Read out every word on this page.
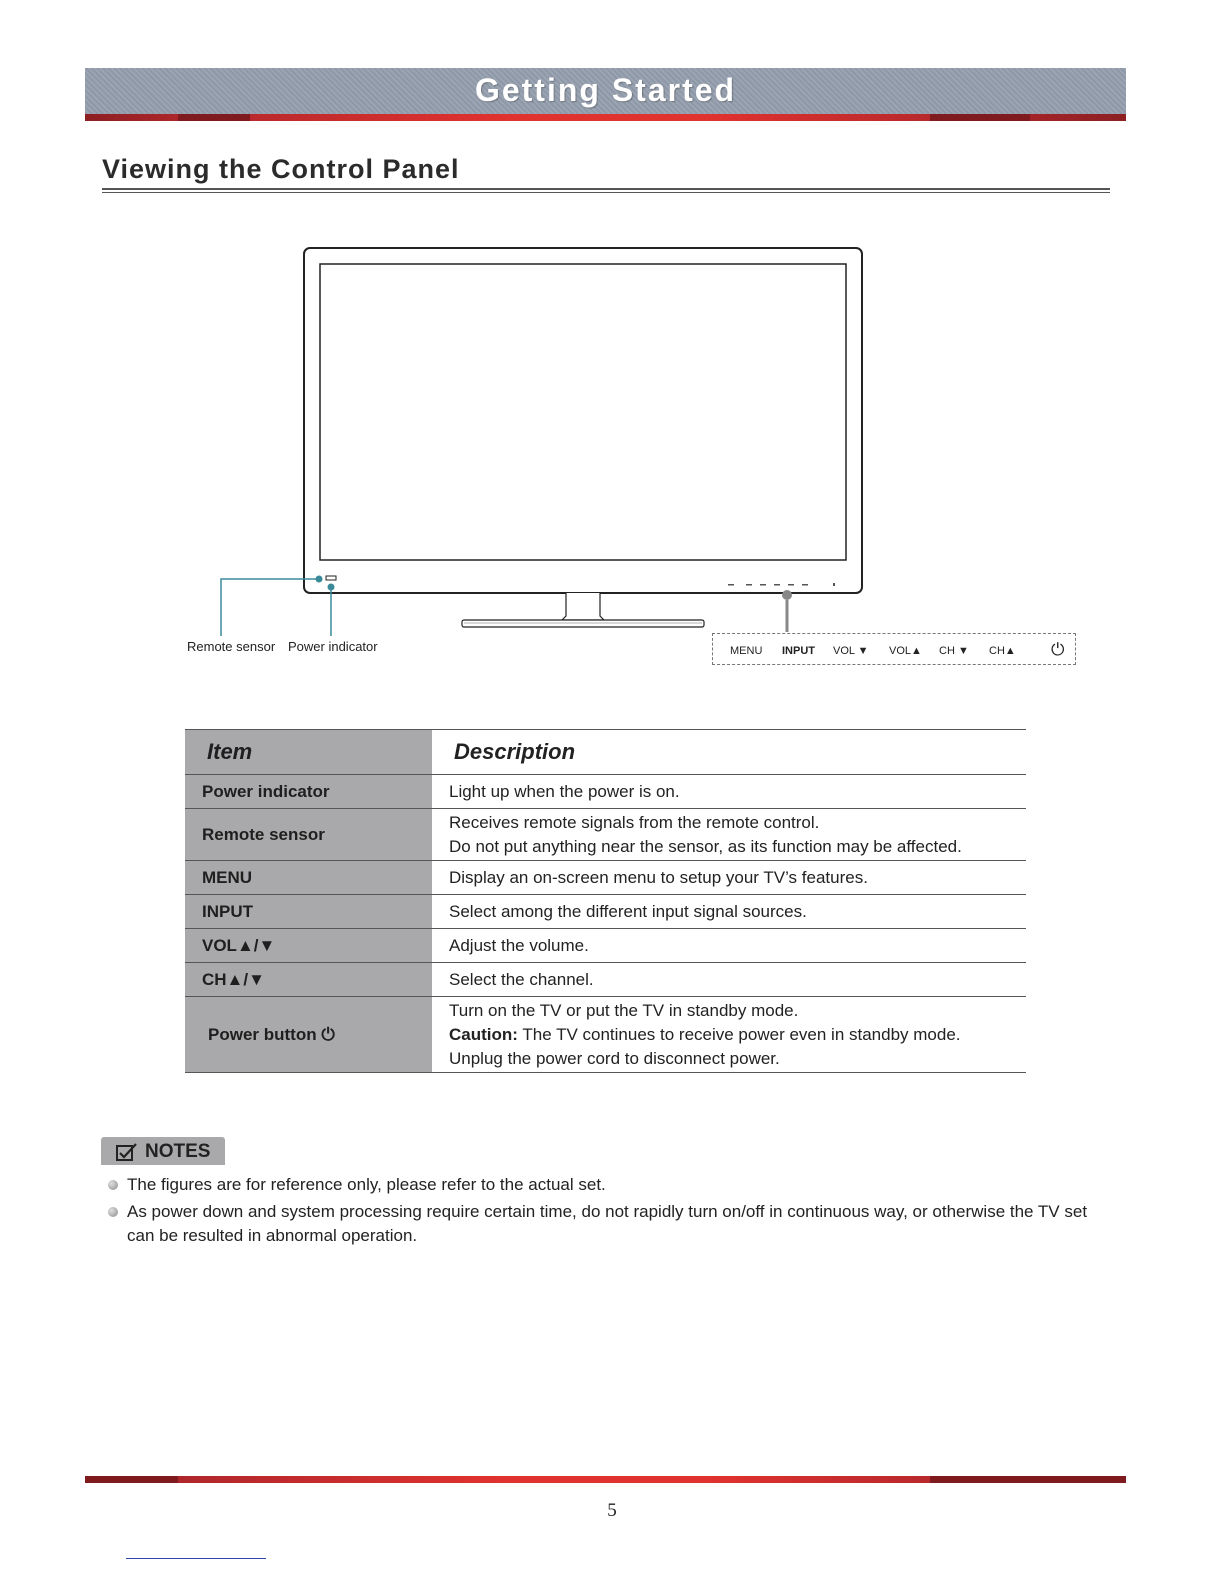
Getting Started
Viewing the Control Panel
Remote sensor Power indicator	MENU INPUT VOL ▼ VOL▲ CH ▼ CH▲ ⏻
Item	Description
Power indicator	Light up when the power is on.
Remote sensor	Receives remote signals from the remote control.
Do not put anything near the sensor, as its function may be affected.

MENU	Display an on-screen menu to setup your TV’s features.
INPUT	Select among the different input signal sources.
VOL▲/▼	Adjust the volume.
CH▲/▼	Select the channel.
Power button ⏻	Turn on the TV or put the TV in standby mode.
Caution: The TV continues to receive power even in standby mode.
Unplug the power cord to disconnect power.
NOTES
The figures are for reference only, please refer to the actual set.
As power down and system processing require certain time, do not rapidly turn on/off in continuous way, or otherwise the TV set can be resulted in abnormal operation.
5
